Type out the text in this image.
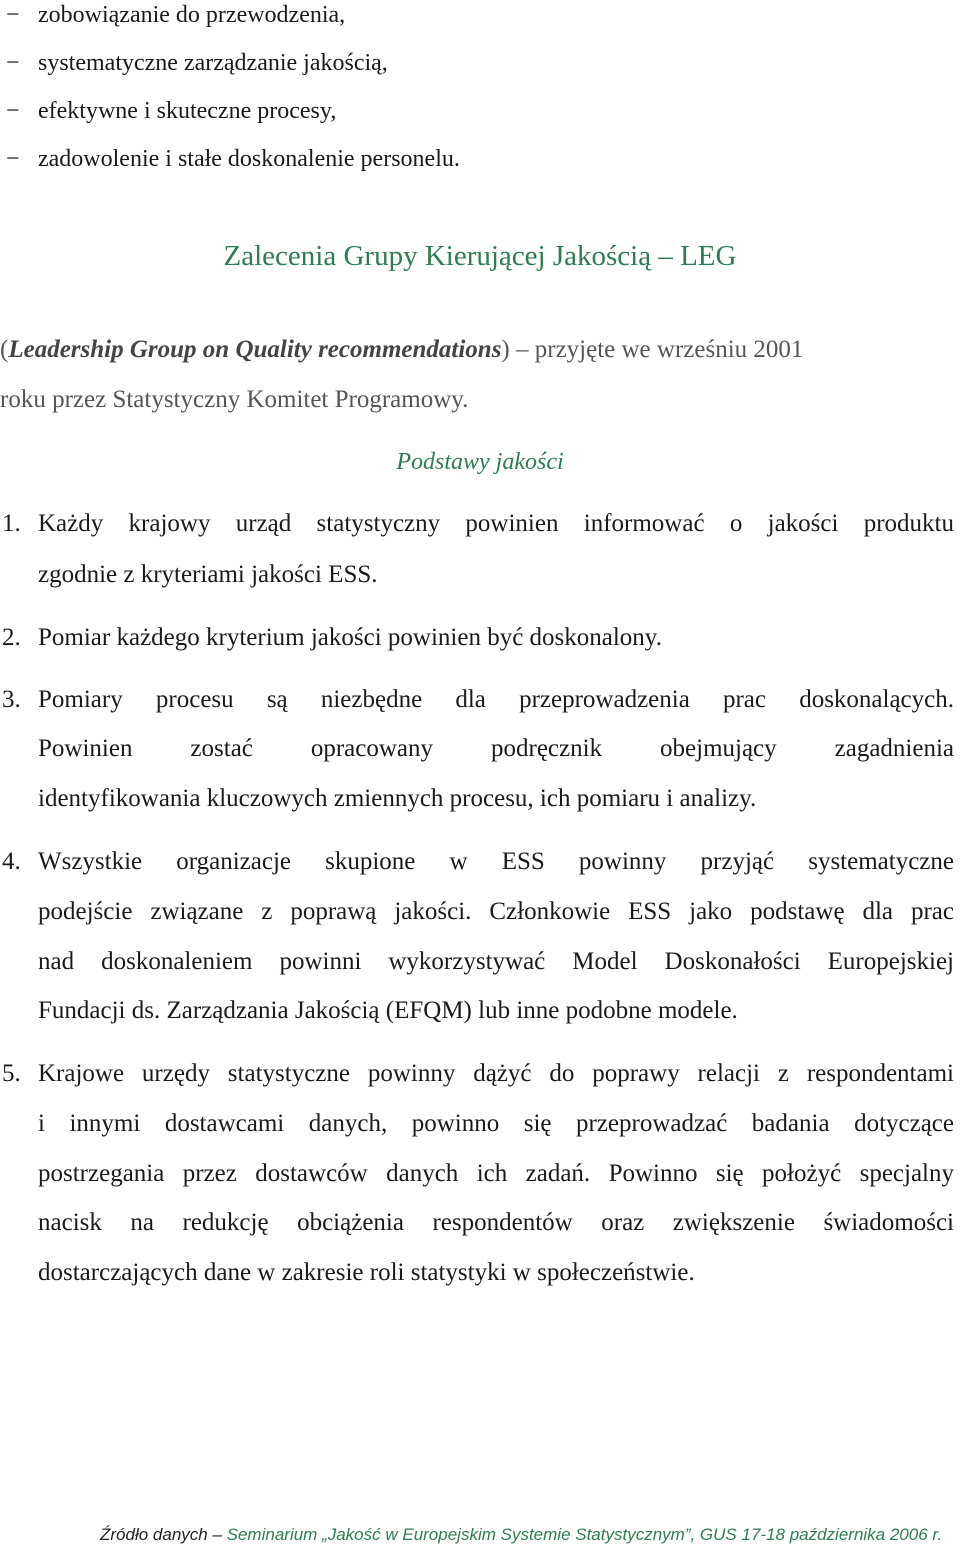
− zobowiązanie do przewodzenia,
− systematyczne zarządzanie jakością,
− efektywne i skuteczne procesy,
− zadowolenie i stałe doskonalenie personelu.
Zalecenia Grupy Kierującej Jakością – LEG
(Leadership Group on Quality recommendations) – przyjęte we wrześniu 2001
roku przez Statystyczny Komitet Programowy.
Podstawy jakości
1. Każdy krajowy urząd statystyczny powinien informować o jakości produktu
zgodnie z kryteriami jakości ESS.
2. Pomiar każdego kryterium jakości powinien być doskonalony.
3. Pomiary procesu są niezbędne dla przeprowadzenia prac doskonalących.
Powinien zostać opracowany podręcznik obejmujący zagadnienia
identyfikowania kluczowych zmiennych procesu, ich pomiaru i analizy.
4. Wszystkie organizacje skupione w ESS powinny przyjąć systematyczne
podejście związane z poprawą jakości. Członkowie ESS jako podstawę dla prac
nad doskonaleniem powinni wykorzystywać Model Doskonałości Europejskiej
Fundacji ds. Zarządzania Jakością (EFQM) lub inne podobne modele.
5. Krajowe urzędy statystyczne powinny dążyć do poprawy relacji z respondentami
i innymi dostawcami danych, powinno się przeprowadzać badania dotyczące
postrzegania przez dostawców danych ich zadań. Powinno się położyć specjalny
nacisk na redukcję obciążenia respondentów oraz zwiększenie świadomości
dostarczających dane w zakresie roli statystyki w społeczeństwie.
Źródło danych – Seminarium „Jakość w Europejskim Systemie Statystycznym”, GUS 17-18 października 2006 r.
